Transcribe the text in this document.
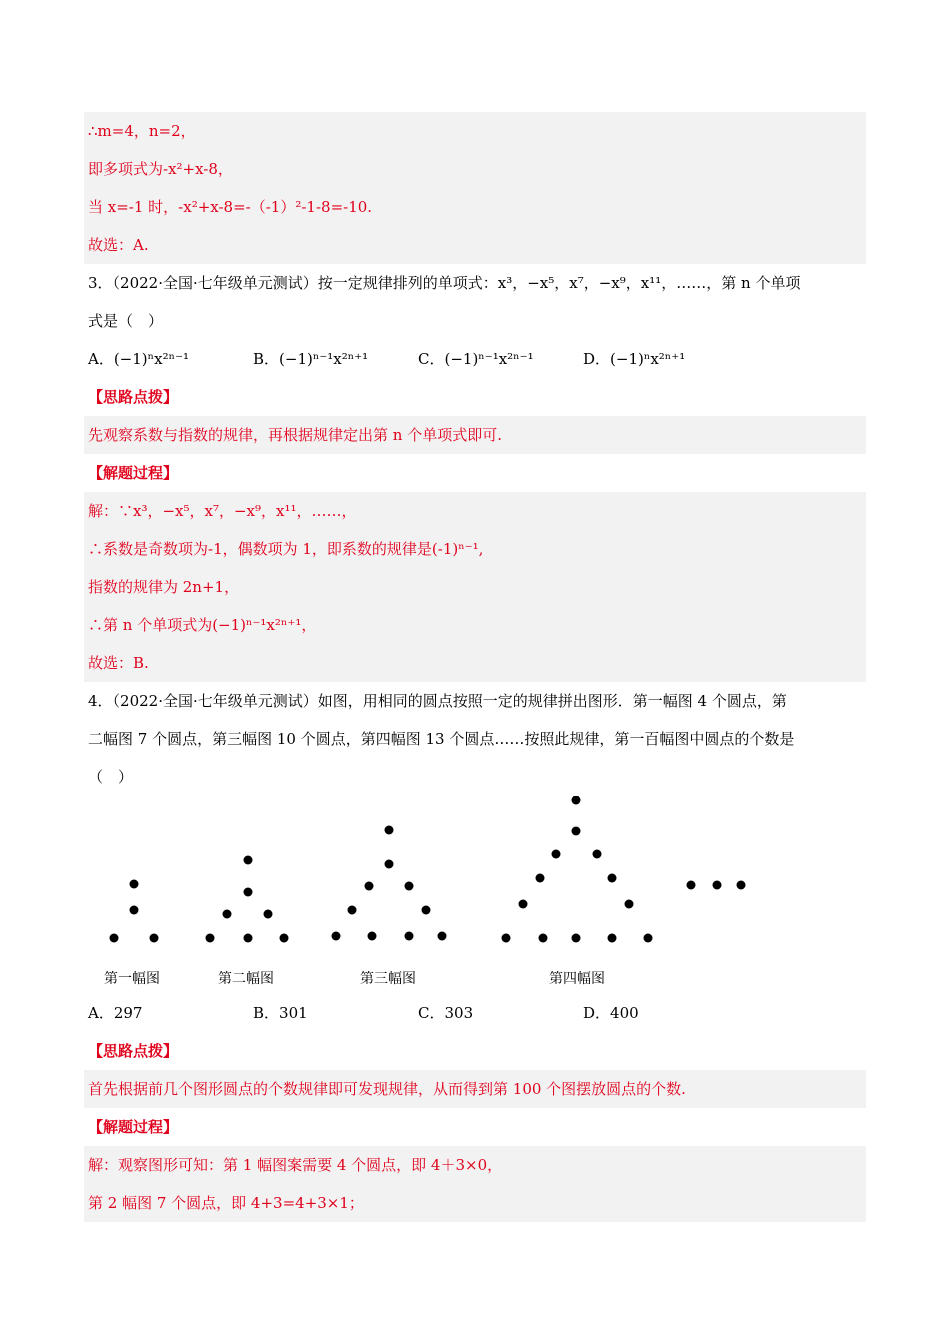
∴m=4，n=2，
即多项式为-x²+x-8，
当 x=-1 时，-x²+x-8=-（-1）²-1-8=-10.
故选：A.
3．（2022·全国·七年级单元测试）按一定规律排列的单项式：x³，−x⁵，x⁷，−x⁹，x¹¹，……，第 n 个单项
式是（　）
A．(−1)ⁿx²ⁿ⁻¹	B．(−1)ⁿ⁻¹x²ⁿ⁺¹	C．(−1)ⁿ⁻¹x²ⁿ⁻¹	D．(−1)ⁿx²ⁿ⁺¹
【思路点拨】
先观察系数与指数的规律，再根据规律定出第 n 个单项式即可.
【解题过程】
解：∵x³，−x⁵，x⁷，−x⁹，x¹¹，……，
∴系数是奇数项为-1，偶数项为 1，即系数的规律是(-1)ⁿ⁻¹,
指数的规律为 2n+1，
∴第 n 个单项式为(−1)ⁿ⁻¹x²ⁿ⁺¹，
故选：B.
4．（2022·全国·七年级单元测试）如图，用相同的圆点按照一定的规律拼出图形．第一幅图 4 个圆点，第
二幅图 7 个圆点，第三幅图 10 个圆点，第四幅图 13 个圆点……按照此规律，第一百幅图中圆点的个数是
（　）
第一幅图	第二幅图	第三幅图	第四幅图
A．297	B．301	C．303	D．400
【思路点拨】
首先根据前几个图形圆点的个数规律即可发现规律，从而得到第 100 个图摆放圆点的个数.
【解题过程】
解：观察图形可知：第 1 幅图案需要 4 个圆点，即 4＋3×0，
第 2 幅图 7 个圆点，即 4+3=4+3×1；
